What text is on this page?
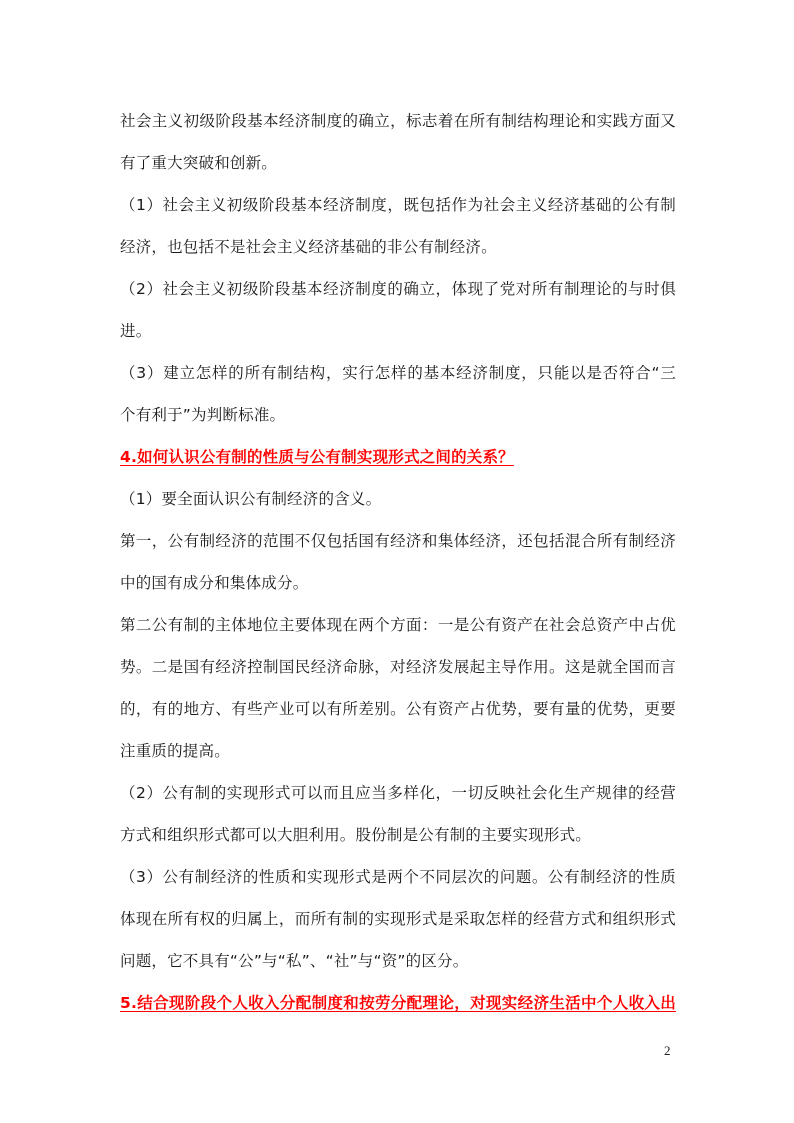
社会主义初级阶段基本经济制度的确立，标志着在所有制结构理论和实践方面又
有了重大突破和创新。
（1）社会主义初级阶段基本经济制度，既包括作为社会主义经济基础的公有制
经济，也包括不是社会主义经济基础的非公有制经济。
（2）社会主义初级阶段基本经济制度的确立，体现了党对所有制理论的与时俱
进。
（3）建立怎样的所有制结构，实行怎样的基本经济制度，只能以是否符合“三
个有利于”为判断标准。
4.如何认识公有制的性质与公有制实现形式之间的关系？
（1）要全面认识公有制经济的含义。
第一，公有制经济的范围不仅包括国有经济和集体经济，还包括混合所有制经济
中的国有成分和集体成分。
第二公有制的主体地位主要体现在两个方面：一是公有资产在社会总资产中占优
势。二是国有经济控制国民经济命脉，对经济发展起主导作用。这是就全国而言
的，有的地方、有些产业可以有所差别。公有资产占优势，要有量的优势，更要
注重质的提高。
（2）公有制的实现形式可以而且应当多样化，一切反映社会化生产规律的经营
方式和组织形式都可以大胆利用。股份制是公有制的主要实现形式。
（3）公有制经济的性质和实现形式是两个不同层次的问题。公有制经济的性质
体现在所有权的归属上，而所有制的实现形式是采取怎样的经营方式和组织形式
问题，它不具有“公”与“私”、“社”与“资”的区分。
5.结合现阶段个人收入分配制度和按劳分配理论，对现实经济生活中个人收入出
2
